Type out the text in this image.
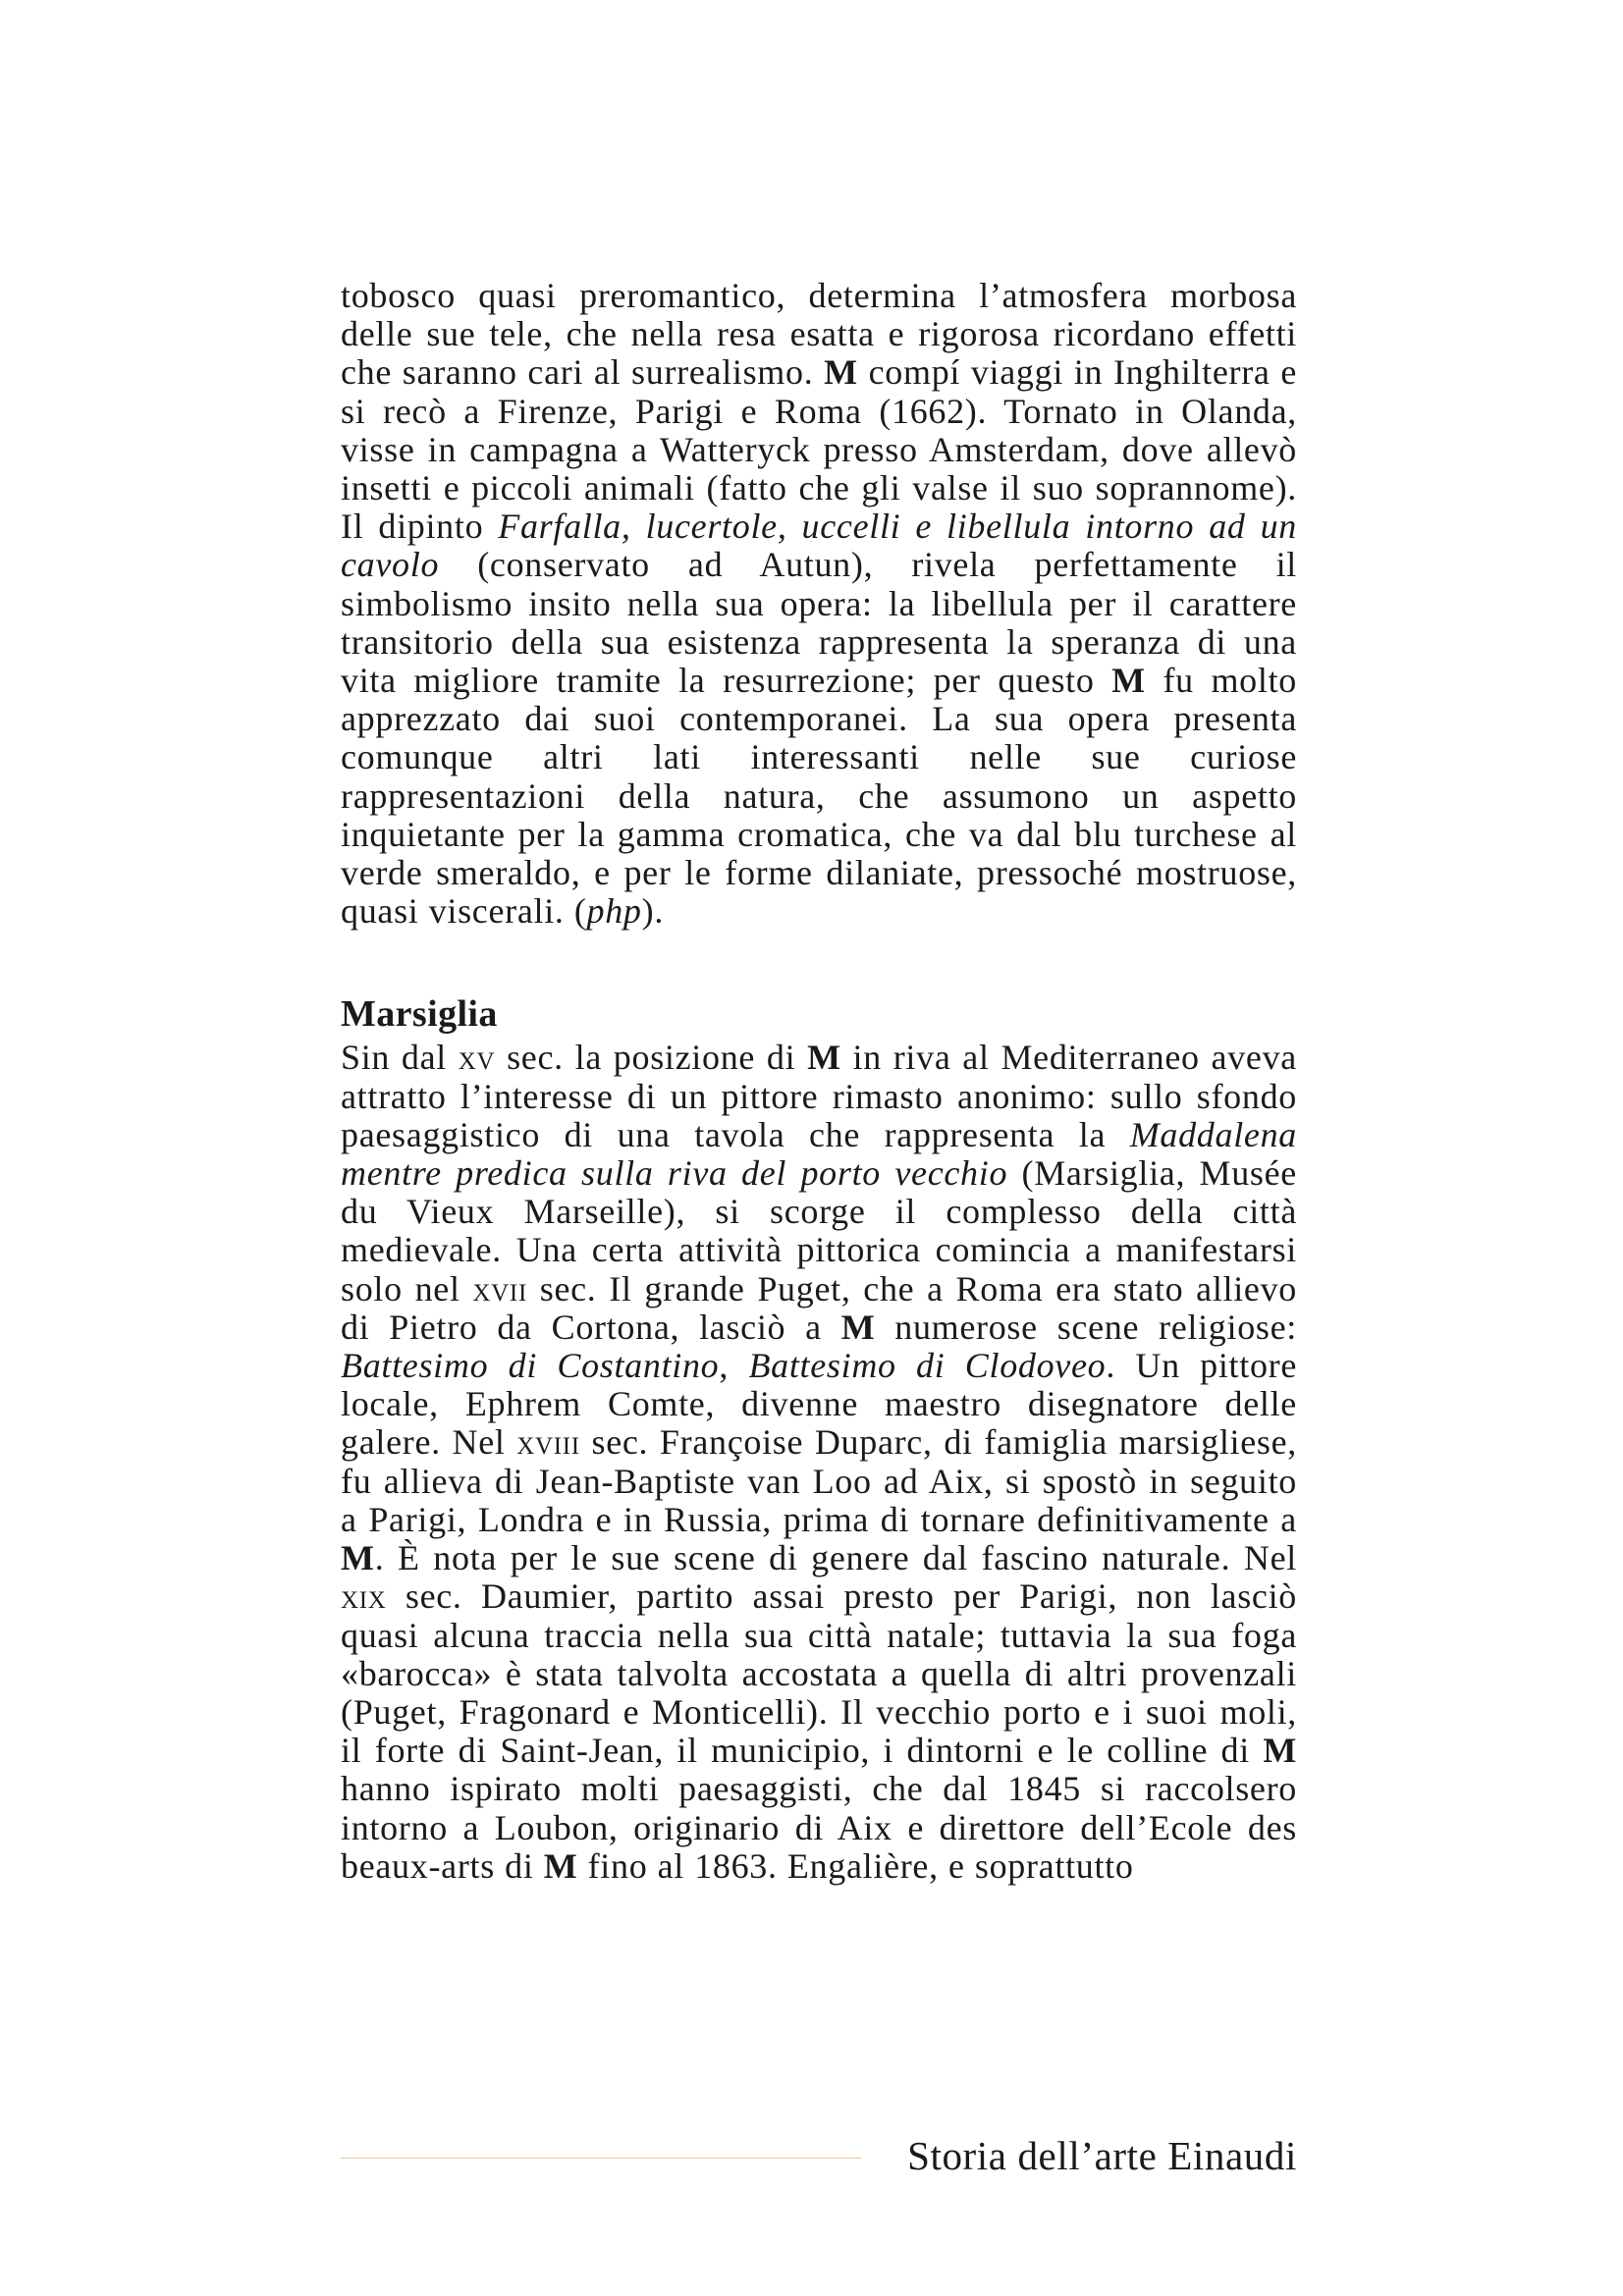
tobosco quasi preromantico, determina l’atmosfera morbosa delle sue tele, che nella resa esatta e rigorosa ricordano effetti che saranno cari al surrealismo. M compí viaggi in Inghilterra e si recò a Firenze, Parigi e Roma (1662). Tornato in Olanda, visse in campagna a Watteryck presso Amsterdam, dove allevò insetti e piccoli animali (fatto che gli valse il suo soprannome). Il dipinto Farfalla, lucertole, uccelli e libellula intorno ad un cavolo (conservato ad Autun), rivela perfettamente il simbolismo insito nella sua opera: la libellula per il carattere transitorio della sua esistenza rappresenta la speranza di una vita migliore tramite la resurrezione; per questo M fu molto apprezzato dai suoi contemporanei. La sua opera presenta comunque altri lati interessanti nelle sue curiose rappresentazioni della natura, che assumono un aspetto inquietante per la gamma cromatica, che va dal blu turchese al verde smeraldo, e per le forme dilaniate, pressoché mostruose, quasi viscerali. (php).

Marsiglia

Sin dal xv sec. la posizione di M in riva al Mediterraneo aveva attratto l’interesse di un pittore rimasto anonimo: sullo sfondo paesaggistico di una tavola che rappresenta la Maddalena mentre predica sulla riva del porto vecchio (Marsiglia, Musée du Vieux Marseille), si scorge il complesso della città medievale. Una certa attività pittorica comincia a manifestarsi solo nel xvii sec. Il grande Puget, che a Roma era stato allievo di Pietro da Cortona, lasciò a M numerose scene religiose: Battesimo di Costantino, Battesimo di Clodoveo. Un pittore locale, Ephrem Comte, divenne maestro disegnatore delle galere. Nel xviii sec. Françoise Duparc, di famiglia marsigliese, fu allieva di Jean-Baptiste van Loo ad Aix, si spostò in seguito a Parigi, Londra e in Russia, prima di tornare definitivamente a M. È nota per le sue scene di genere dal fascino naturale. Nel xix sec. Daumier, partito assai presto per Parigi, non lasciò quasi alcuna traccia nella sua città natale; tuttavia la sua foga «barocca» è stata talvolta accostata a quella di altri provenzali (Puget, Fragonard e Monticelli). Il vecchio porto e i suoi moli, il forte di Saint-Jean, il municipio, i dintorni e le colline di M hanno ispirato molti paesaggisti, che dal 1845 si raccolsero intorno a Loubon, originario di Aix e direttore dell’Ecole des beaux-arts di M fino al 1863. Engalière, e soprattutto

Storia dell’arte Einaudi
